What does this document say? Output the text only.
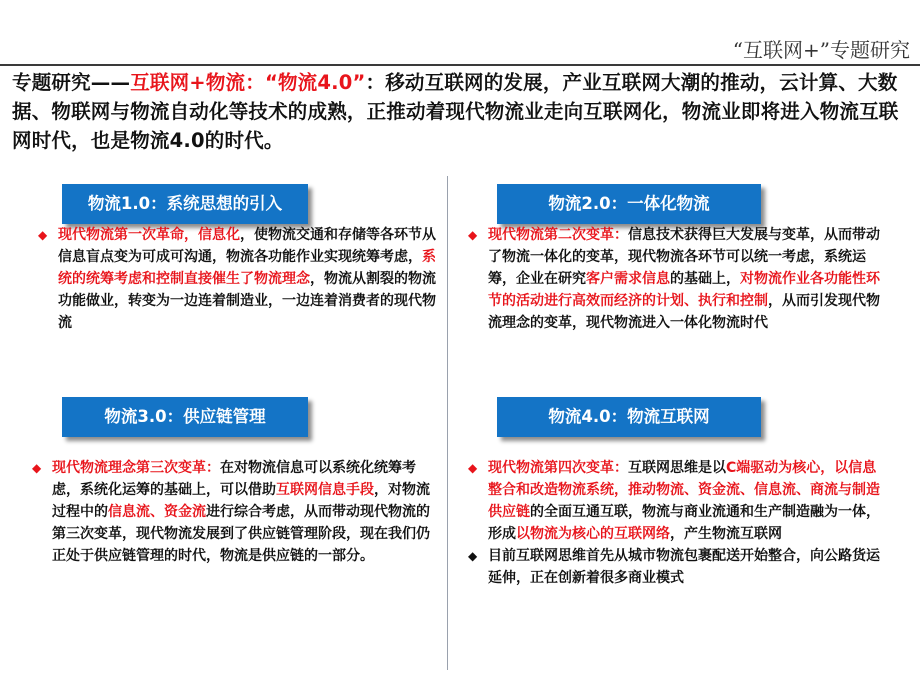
“互联网+”专题研究
专题研究——互联网+物流：“物流4.0”：移动互联网的发展，产业互联网大潮的推动，云计算、大数据、物联网与物流自动化等技术的成熟，正推动着现代物流业走向互联网化，物流业即将进入物流互联网时代，也是物流4.0的时代。
物流1.0：系统思想的引入

◆ 现代物流第一次革命，信息化，使物流交通和存储等各环节从信息盲点变为可成可沟通，物流各功能作业实现统筹考虑，系统的统筹考虑和控制直接催生了物流理念，物流从割裂的物流功能做业，转变为一边连着制造业，一边连着消费者的现代物流

物流2.0：一体化物流

◆ 现代物流第二次变革：信息技术获得巨大发展与变革，从而带动了物流一体化的变革，现代物流各环节可以统一考虑，系统运筹，企业在研究客户需求信息的基础上，对物流作业各功能性环节的活动进行高效而经济的计划、执行和控制，从而引发现代物流理念的变革，现代物流进入一体化物流时代

物流3.0：供应链管理

◆ 现代物流理念第三次变革：在对物流信息可以系统化统筹考虑，系统化运筹的基础上，可以借助互联网信息手段，对物流过程中的信息流、资金流进行综合考虑，从而带动现代物流的第三次变革，现代物流发展到了供应链管理阶段，现在我们仍正处于供应链管理的时代，物流是供应链的一部分。

物流4.0：物流互联网

◆ 现代物流第四次变革：互联网思维是以C端驱动为核心，以信息整合和改造物流系统，推动物流、资金流、信息流、商流与制造供应链的全面互通互联，物流与商业流通和生产制造融为一体，形成以物流为核心的互联网络，产生物流互联网

◆ 目前互联网思维首先从城市物流包裹配送开始整合，向公路货运延伸，正在创新着很多商业模式
